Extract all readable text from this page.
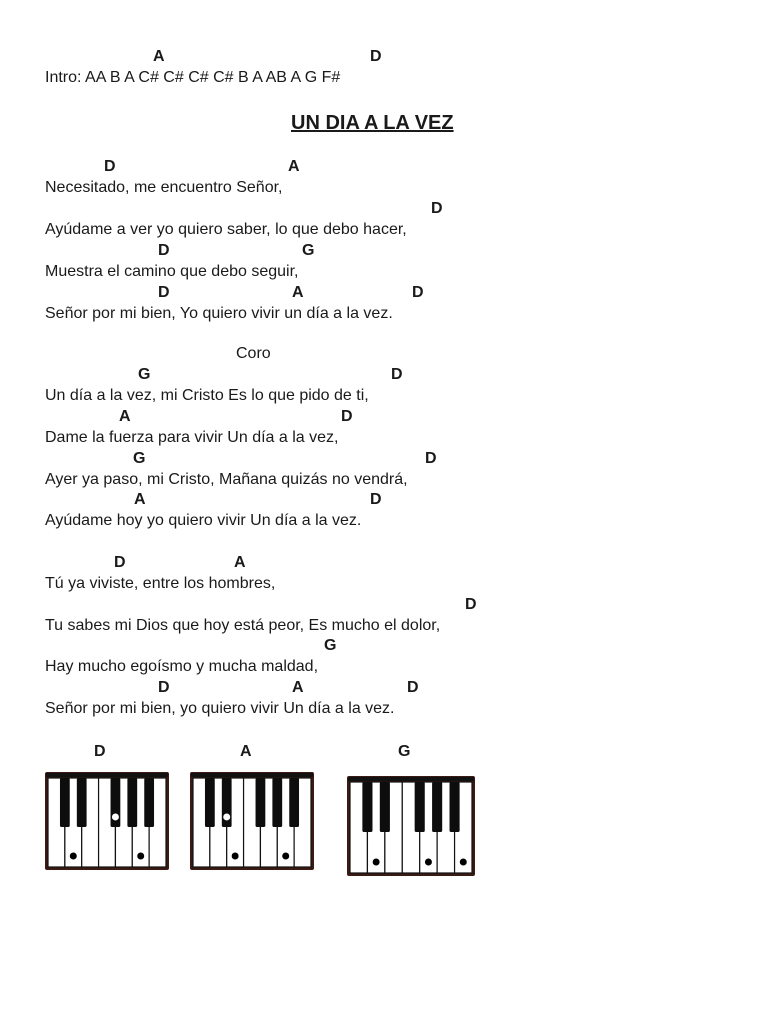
A	D
Intro: AA B A C# C# C# C# B A AB A G F#
UN DIA A LA VEZ
D	A
Necesitado, me encuentro Señor,
D
Ayúdame a ver yo quiero saber, lo que debo hacer,
D	G
Muestra el camino que debo seguir,
D	A	D
Señor por mi bien, Yo quiero vivir un día a la vez.
Coro
G	D
Un día a la vez, mi Cristo Es lo que pido de ti,
A	D
Dame la fuerza para vivir Un día a la vez,
G	D
Ayer ya paso, mi Cristo, Mañana quizás no vendrá,
A	D
Ayúdame hoy yo quiero vivir Un día a la vez.
D	A
Tú ya viviste, entre los hombres,
D
Tu sabes mi Dios que hoy está peor, Es mucho el dolor,
G
Hay mucho egoísmo y mucha maldad,
D	A	D
Señor por mi bien, yo quiero vivir Un día a la vez.
D	A	G
